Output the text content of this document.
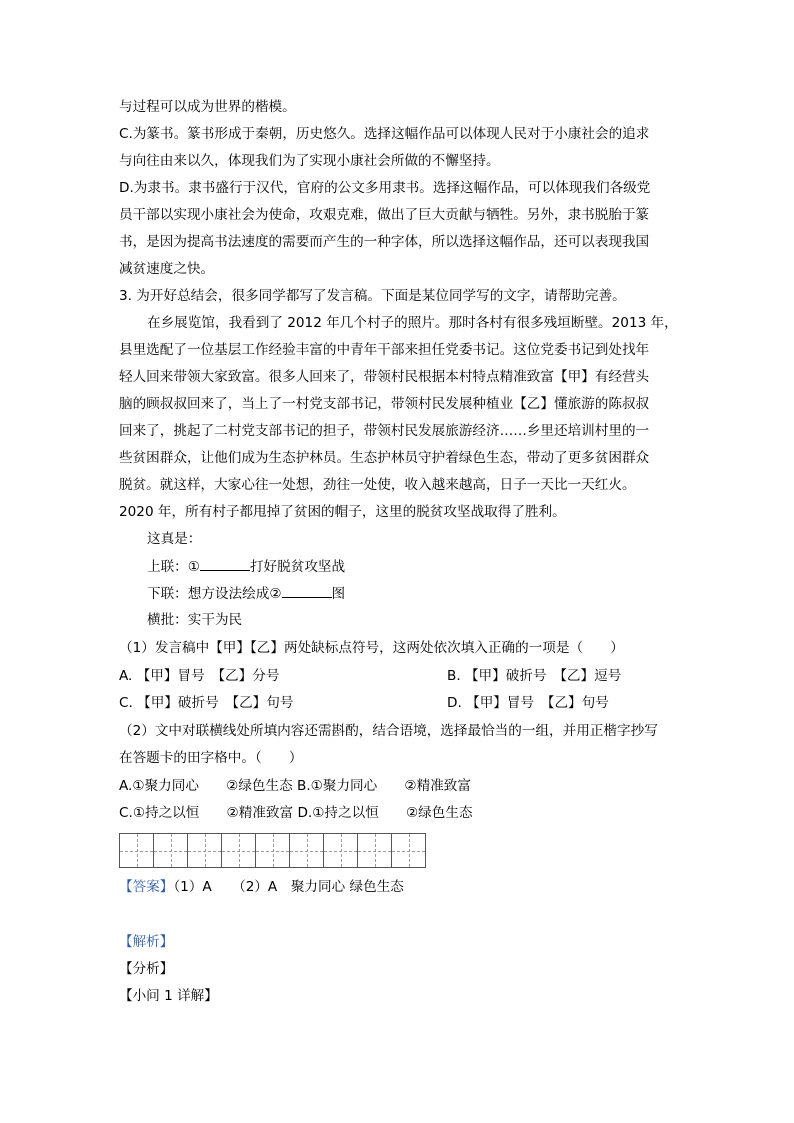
与过程可以成为世界的楷模。
C.为篆书。篆书形成于秦朝，历史悠久。选择这幅作品可以体现人民对于小康社会的追求
与向往由来以久，体现我们为了实现小康社会所做的不懈坚持。
D.为隶书。隶书盛行于汉代，官府的公文多用隶书。选择这幅作品，可以体现我们各级党
员干部以实现小康社会为使命，攻艰克难，做出了巨大贡献与牺牲。另外，隶书脱胎于篆
书，是因为提高书法速度的需要而产生的一种字体，所以选择这幅作品，还可以表现我国
减贫速度之快。
3. 为开好总结会，很多同学都写了发言稿。下面是某位同学写的文字，请帮助完善。
在乡展览馆，我看到了 2012 年几个村子的照片。那时各村有很多残垣断壁。2013 年，
县里选配了一位基层工作经验丰富的中青年干部来担任党委书记。这位党委书记到处找年
轻人回来带领大家致富。很多人回来了，带领村民根据本村特点精准致富【甲】有经营头
脑的顾叔叔回来了，当上了一村党支部书记，带领村民发展种植业【乙】懂旅游的陈叔叔
回来了，挑起了二村党支部书记的担子，带领村民发展旅游经济……乡里还培训村里的一
些贫困群众，让他们成为生态护林员。生态护林员守护着绿色生态，带动了更多贫困群众
脱贫。就这样，大家心往一处想，劲往一处使，收入越来越高，日子一天比一天红火。
2020 年，所有村子都甩掉了贫困的帽子，这里的脱贫攻坚战取得了胜利。
这真是：
上联：①	打好脱贫攻坚战
下联：想方设法绘成②	图
横批：实干为民
（1）发言稿中【甲】【乙】两处缺标点符号，这两处依次填入正确的一项是（　　）
A. 【甲】冒号　【乙】分号	B. 【甲】破折号　【乙】逗号
C. 【甲】破折号　【乙】句号	D. 【甲】冒号　【乙】句号
（2）文中对联横线处所填内容还需斟酌，结合语境，选择最恰当的一组，并用正楷字抄写
在答题卡的田字格中。（　　）
A.①聚力同心　　②绿色生态 B.①聚力同心　　②精准致富
C.①持之以恒　　②精准致富 D.①持之以恒　　②绿色生态
【答案】（1）A　　（2）A　聚力同心 绿色生态
【解析】
【分析】
【小问 1 详解】
